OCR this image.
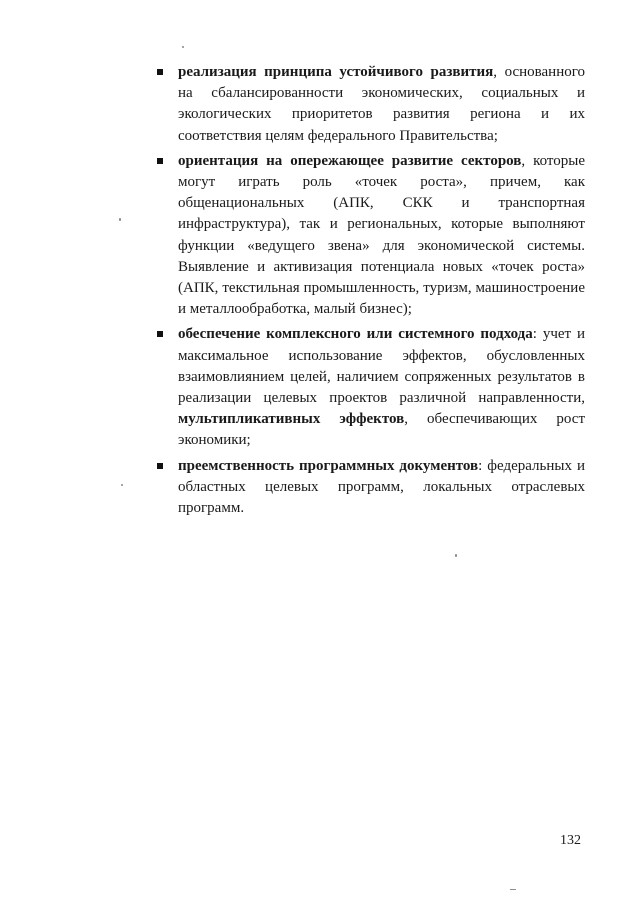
реализация принципа устойчивого развития, основанного на сбалансированности экономических, социальных и экологических приоритетов развития региона и их соответствия целям федерального Правительства;
ориентация на опережающее развитие секторов, которые могут играть роль «точек роста», причем, как общенациональных (АПК, СКК и транспортная инфраструктура), так и региональных, которые выполняют функции «ведущего звена» для экономической системы. Выявление и активизация потенциала новых «точек роста» (АПК, текстильная промышленность, туризм, машиностроение и металлообработка, малый бизнес);
обеспечение комплексного или системного подхода: учет и максимальное использование эффектов, обусловленных взаимовлиянием целей, наличием сопряженных результатов в реализации целевых проектов различной направленности, мультипликативных эффектов, обеспечивающих рост экономики;
преемственность программных документов: федеральных и областных целевых программ, локальных отраслевых программ.
132
